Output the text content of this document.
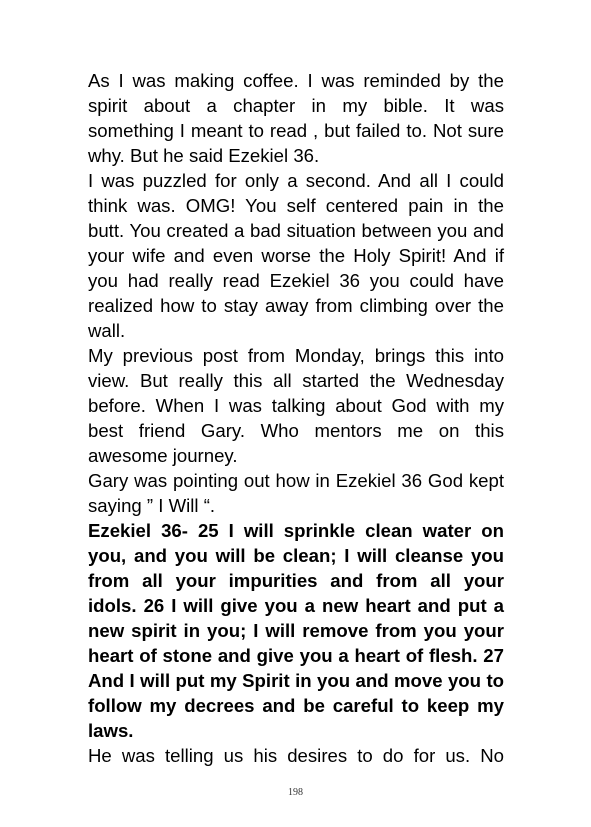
As I was making coffee. I was reminded by the spirit about a chapter in my bible. It was something I meant to read , but failed to. Not sure why. But he said Ezekiel 36.

I was puzzled for only a second. And all I could think was. OMG! You self centered pain in the butt. You created a bad situation between you and your wife and even worse the Holy Spirit! And if you had really read Ezekiel 36 you could have realized how to stay away from climbing over the wall.

My previous post from Monday, brings this into view. But really this all started the Wednesday before. When I was talking about God with my best friend Gary. Who mentors me on this awesome journey.

Gary was pointing out how in Ezekiel 36 God kept saying ” I Will “.

Ezekiel 36- 25 I will sprinkle clean water on you, and you will be clean; I will cleanse you from all your impurities and from all your idols. 26 I will give you a new heart and put a new spirit in you; I will remove from you your heart of stone and give you a heart of flesh. 27 And I will put my Spirit in you and move you to follow my decrees and be careful to keep my laws.

He was telling us his desires to do for us. No

198
